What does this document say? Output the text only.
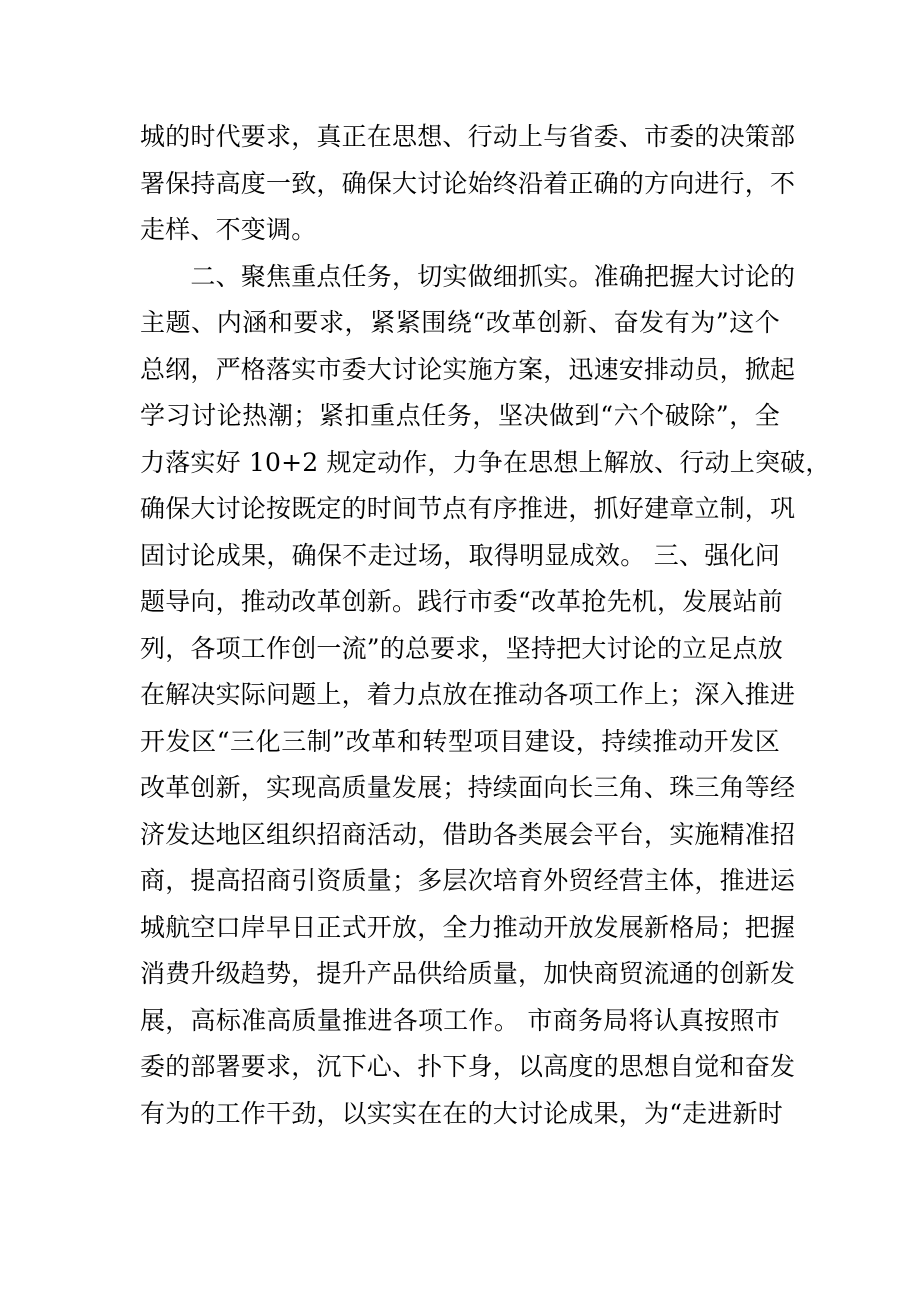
城的时代要求，真正在思想、行动上与省委、市委的决策部
署保持高度一致，确保大讨论始终沿着正确的方向进行，不
走样、不变调。
　　二、聚焦重点任务，切实做细抓实。准确把握大讨论的
主题、内涵和要求，紧紧围绕“改革创新、奋发有为”这个
总纲，严格落实市委大讨论实施方案，迅速安排动员，掀起
学习讨论热潮；紧扣重点任务，坚决做到“六个破除”，全
力落实好 10+2 规定动作，力争在思想上解放、行动上突破，
确保大讨论按既定的时间节点有序推进，抓好建章立制，巩
固讨论成果，确保不走过场，取得明显成效。 三、强化问
题导向，推动改革创新。践行市委“改革抢先机，发展站前
列，各项工作创一流”的总要求，坚持把大讨论的立足点放
在解决实际问题上，着力点放在推动各项工作上；深入推进
开发区“三化三制”改革和转型项目建设，持续推动开发区
改革创新，实现高质量发展；持续面向长三角、珠三角等经
济发达地区组织招商活动，借助各类展会平台，实施精准招
商，提高招商引资质量；多层次培育外贸经营主体，推进运
城航空口岸早日正式开放，全力推动开放发展新格局；把握
消费升级趋势，提升产品供给质量，加快商贸流通的创新发
展，高标准高质量推进各项工作。 市商务局将认真按照市
委的部署要求，沉下心、扑下身，以高度的思想自觉和奋发
有为的工作干劲，以实实在在的大讨论成果，为“走进新时
